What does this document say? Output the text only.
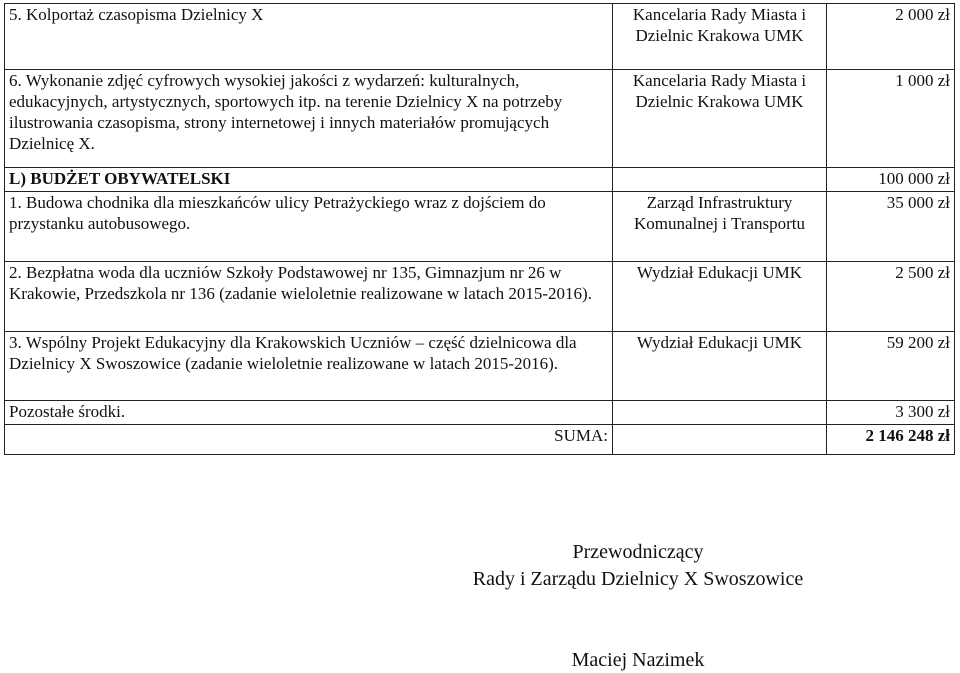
5. Kolportaż czasopisma Dzielnicy X	Kancelaria Rady Miasta i Dzielnic Krakowa UMK	2 000 zł
6. Wykonanie zdjęć cyfrowych wysokiej jakości z wydarzeń: kulturalnych, edukacyjnych, artystycznych, sportowych itp. na terenie Dzielnicy X na potrzeby ilustrowania czasopisma, strony internetowej i innych materiałów promujących Dzielnicę X.	Kancelaria Rady Miasta i Dzielnic Krakowa UMK	1 000 zł
L) BUDŻET OBYWATELSKI		100 000 zł
1. Budowa chodnika dla mieszkańców ulicy Petrażyckiego wraz z dojściem do przystanku autobusowego.	Zarząd Infrastruktury Komunalnej i Transportu	35 000 zł
2. Bezpłatna woda dla uczniów Szkoły Podstawowej nr 135, Gimnazjum nr 26 w Krakowie, Przedszkola nr 136 (zadanie wieloletnie realizowane w latach 2015-2016).	Wydział Edukacji UMK	2 500 zł
3. Wspólny Projekt Edukacyjny dla Krakowskich Uczniów – część dzielnicowa dla Dzielnicy X Swoszowice (zadanie wieloletnie realizowane w latach 2015-2016).	Wydział Edukacji UMK	59 200 zł
Pozostałe środki.		3 300 zł
SUMA:		2 146 248 zł
Przewodniczący
Rady i Zarządu Dzielnicy X Swoszowice
Maciej Nazimek
